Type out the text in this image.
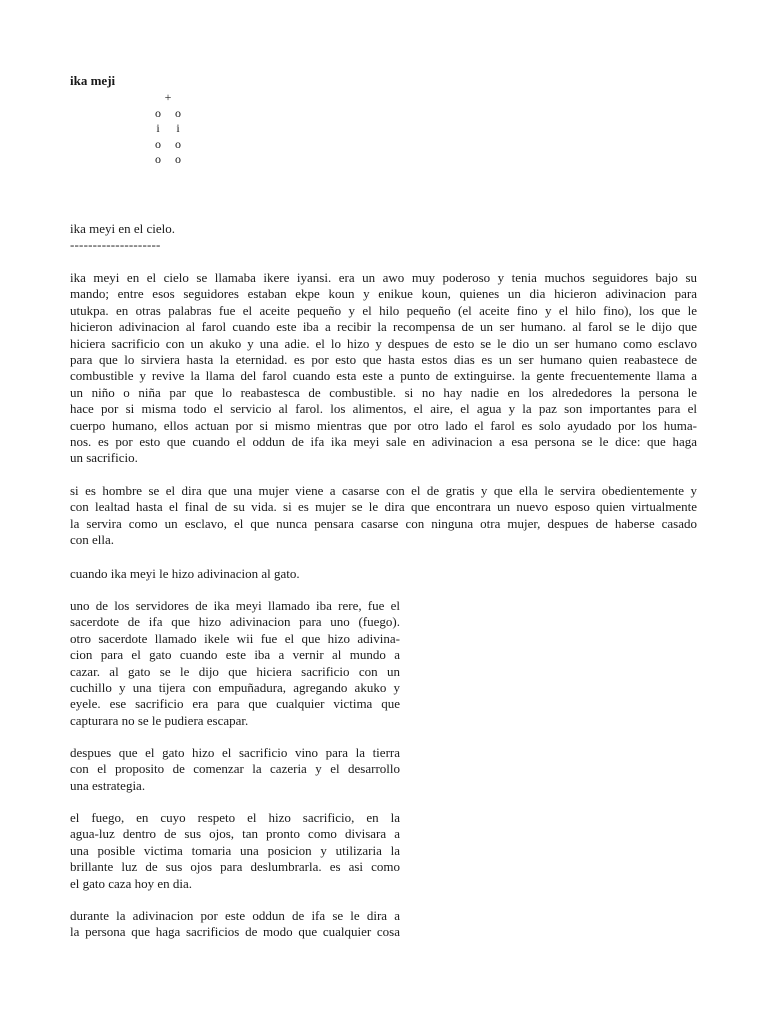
ika meji
+
o o
i i
o o
o o
ika meyi en el cielo.
--------------------
ika meyi en el cielo se llamaba ikere iyansi. era un awo muy poderoso y tenia muchos seguidores bajo su
mando; entre esos seguidores estaban ekpe koun y enikue koun, quienes un dia hicieron adivinacion para
utukpa. en otras palabras fue el aceite pequeño y el hilo pequeño (el aceite fino y el hilo fino), los que le
hicieron adivinacion al farol cuando este iba a recibir la recompensa de un ser humano. al farol se le dijo que
hiciera sacrificio con un akuko y una adie. el lo hizo y despues de esto se le dio un ser humano como esclavo
para que lo sirviera hasta la eternidad. es por esto que hasta estos dias es un ser humano quien reabastece de
combustible y revive la llama del farol cuando esta este a punto de extinguirse. la gente frecuentemente llama a
un niño o niña par que lo reabastesca de combustible. si no hay nadie en los alrededores la persona le
hace por si misma todo el servicio al farol. los alimentos, el aire, el agua y la paz son importantes para el
cuerpo humano, ellos actuan por si mismo mientras que por otro lado el farol es solo ayudado por los huma-
nos. es por esto que cuando el oddun de ifa ika meyi sale en adivinacion a esa persona se le dice: que haga
un sacrificio.
si es hombre se el dira que una mujer viene a casarse con el de gratis y que ella le servira obedientemente y
con lealtad hasta el final de su vida. si es mujer se le dira que encontrara un nuevo esposo quien virtualmente
la servira como un esclavo, el que nunca pensara casarse con ninguna otra mujer, despues de haberse casado
con ella.
cuando ika meyi le hizo adivinacion al gato.
uno de los servidores de ika meyi llamado iba rere, fue el
sacerdote de ifa que hizo adivinacion para uno (fuego).
otro sacerdote llamado ikele wii fue el que hizo adivina-
cion para el gato cuando este iba a vernir al mundo a
cazar. al gato se le dijo que hiciera sacrificio con un
cuchillo y una tijera con empuñadura, agregando akuko y
eyele. ese sacrificio era para que cualquier victima que
capturara no se le pudiera escapar.
despues que el gato hizo el sacrificio vino para la tierra
con el proposito de comenzar la cazeria y el desarrollo
una estrategia.
el fuego, en cuyo respeto el hizo sacrificio, en la
agua-luz dentro de sus ojos, tan pronto como divisara a
una posible victima tomaria una posicion y utilizaria la
brillante luz de sus ojos para deslumbrarla. es asi como
el gato caza hoy en dia.
durante la adivinacion por este oddun de ifa se le dira a
la persona que haga sacrificios de modo que cualquier cosa
